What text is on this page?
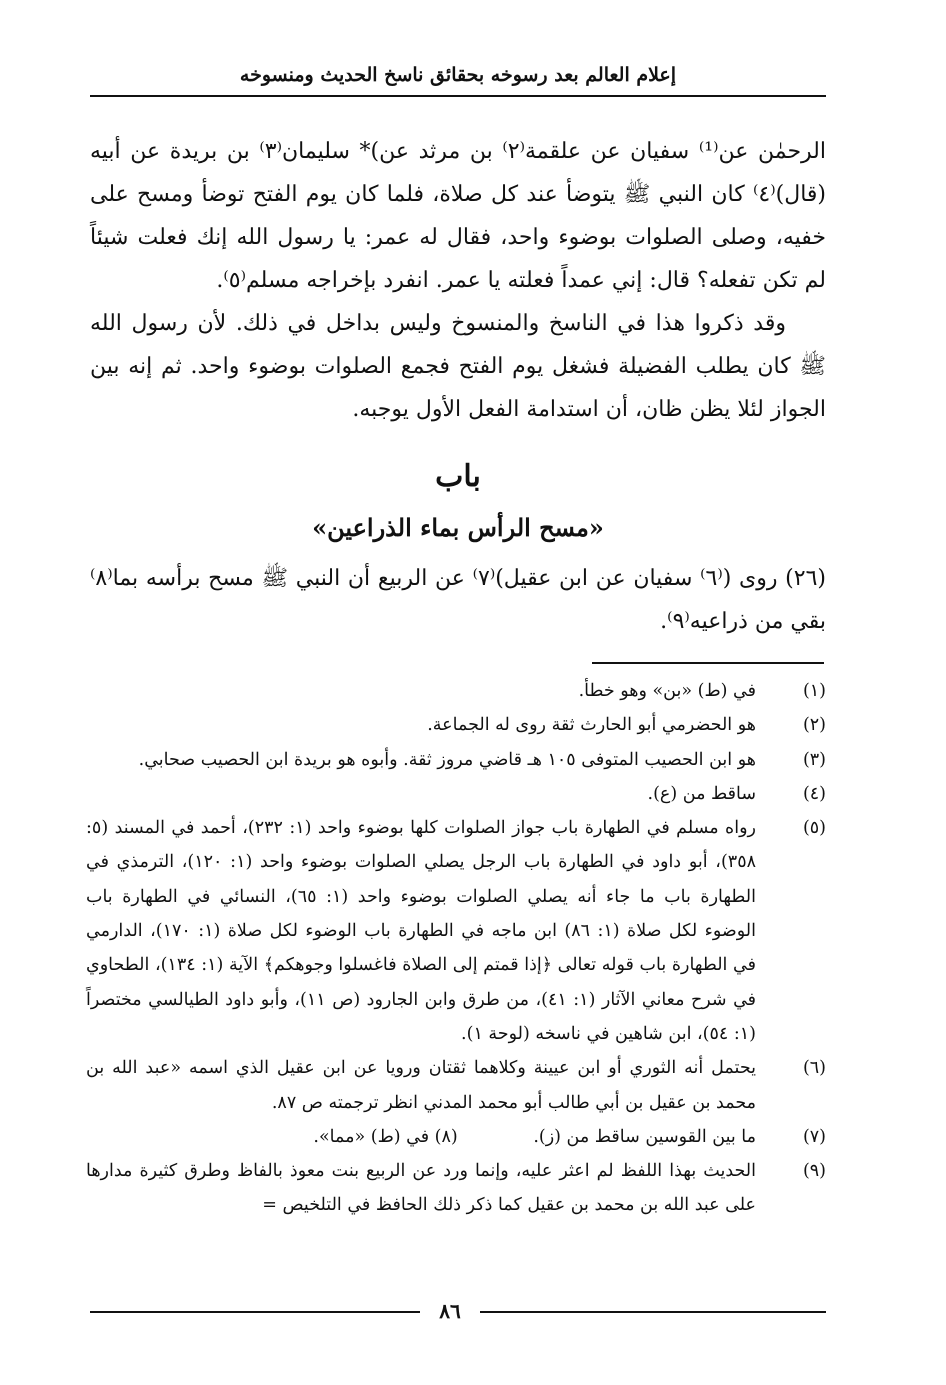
إعلام العالم بعد رسوخه بحقائق ناسخ الحديث ومنسوخه

الرحمٰن عن⁽¹⁾ سفيان عن علقمة⁽٢⁾ بن مرثد عن)* سليمان⁽٣⁾ بن بريدة عن أبيه (قال)⁽٤⁾ كان النبي ﷺ يتوضأ عند كل صلاة، فلما كان يوم الفتح توضأ ومسح على خفيه، وصلى الصلوات بوضوء واحد، فقال له عمر: يا رسول الله إنك فعلت شيئاً لم تكن تفعله؟ قال: إني عمداً فعلته يا عمر. انفرد بإخراجه مسلم⁽٥⁾.

وقد ذكروا هذا في الناسخ والمنسوخ وليس بداخل في ذلك. لأن رسول الله ﷺ كان يطلب الفضيلة فشغل يوم الفتح فجمع الصلوات بوضوء واحد. ثم إنه بين الجواز لئلا يظن ظان، أن استدامة الفعل الأول يوجبه.

باب
«مسح الرأس بماء الذراعين»

(٢٦) روى (⁽٦⁾ سفيان عن ابن عقيل)⁽٧⁾ عن الربيع أن النبي ﷺ مسح برأسه بما⁽٨⁾ بقي من ذراعيه⁽٩⁾.

(١)
في (ط) «بن» وهو خطأ.
(٢)
هو الحضرمي أبو الحارث ثقة روى له الجماعة.
(٣)
هو ابن الحصيب المتوفى ١٠٥ هـ قاضي مروز ثقة. وأبوه هو بريدة ابن الحصيب صحابي.
(٤)
ساقط من (ع).
(٥)
رواه مسلم في الطهارة باب جواز الصلوات كلها بوضوء واحد (١: ٢٣٢)، أحمد في المسند (٥: ٣٥٨)، أبو داود في الطهارة باب الرجل يصلي الصلوات بوضوء واحد (١: ١٢٠)، الترمذي في الطهارة باب ما جاء أنه يصلي الصلوات بوضوء واحد (١: ٦٥)، النسائي في الطهارة باب الوضوء لكل صلاة (١: ٨٦) ابن ماجه في الطهارة باب الوضوء لكل صلاة (١: ١٧٠)، الدارمي في الطهارة باب قوله تعالى ﴿إذا قمتم إلى الصلاة فاغسلوا وجوهكم﴾ الآية (١: ١٣٤)، الطحاوي في شرح معاني الآثار (١: ٤١)، من طرق وابن الجارود (ص ١١)، وأبو داود الطيالسي مختصراً (١: ٥٤)، ابن شاهين في ناسخه (لوحة ١).
(٦)
يحتمل أنه الثوري أو ابن عيينة وكلاهما ثقتان ورويا عن ابن عقيل الذي اسمه «عبد الله بن محمد بن عقيل بن أبي طالب أبو محمد المدني انظر ترجمته ص ٨٧.
(٧)
ما بين القوسين ساقط من (ز). (٨) في (ط) «مما».
(٩)
الحديث بهذا اللفظ لم اعثر عليه، وإنما ورد عن الربيع بنت معوذ بالفاظ وطرق كثيرة مدارها على عبد الله بن محمد بن عقيل كما ذكر ذلك الحافظ في التلخيص =
٨٦
